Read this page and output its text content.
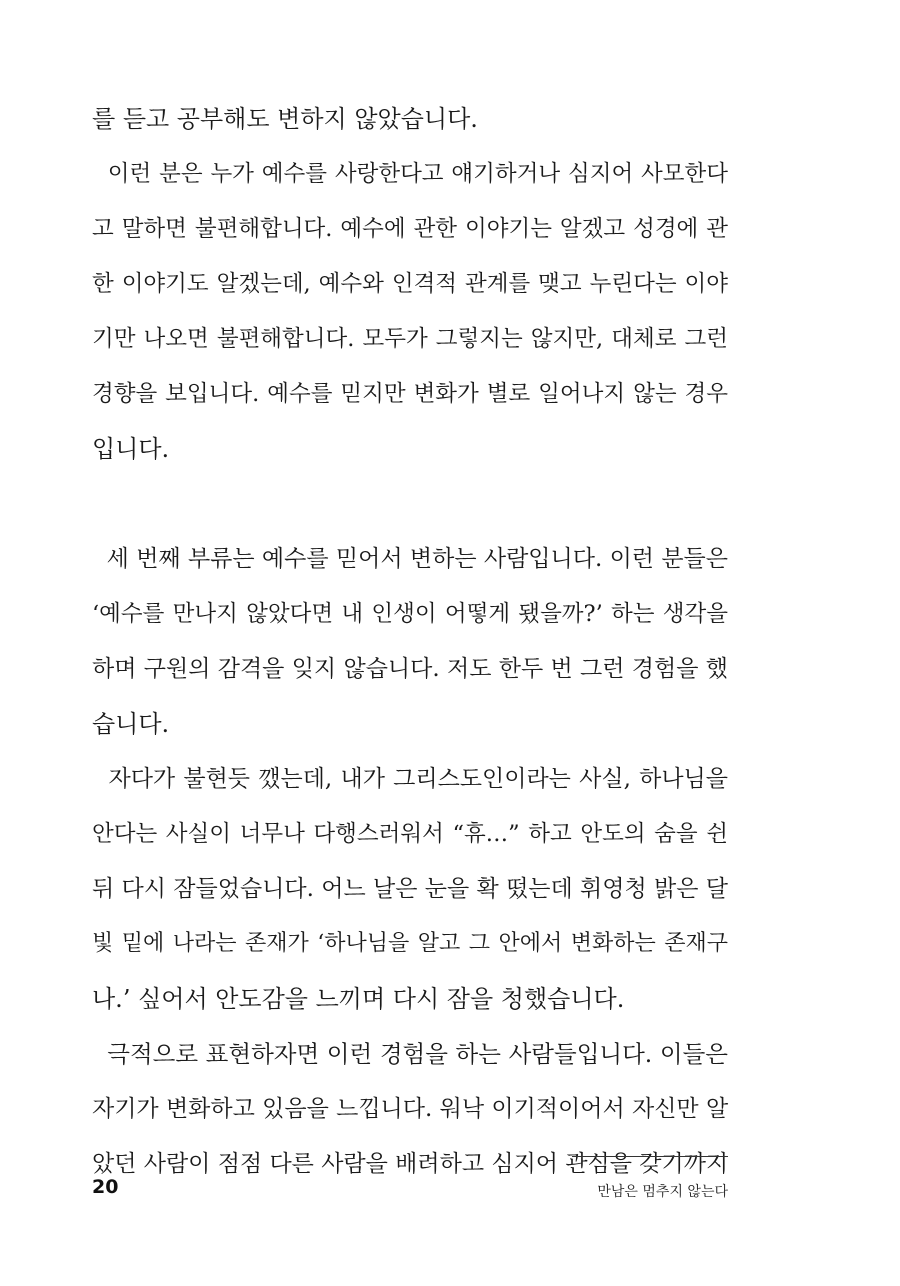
를 듣고 공부해도 변하지 않았습니다.
이런 분은 누가 예수를 사랑한다고 얘기하거나 심지어 사모한다
고 말하면 불편해합니다. 예수에 관한 이야기는 알겠고 성경에 관
한 이야기도 알겠는데, 예수와 인격적 관계를 맺고 누린다는 이야
기만 나오면 불편해합니다. 모두가 그렇지는 않지만, 대체로 그런
경향을 보입니다. 예수를 믿지만 변화가 별로 일어나지 않는 경우
입니다.
세 번째 부류는 예수를 믿어서 변하는 사람입니다. 이런 분들은
‘예수를 만나지 않았다면 내 인생이 어떻게 됐을까?’ 하는 생각을
하며 구원의 감격을 잊지 않습니다. 저도 한두 번 그런 경험을 했
습니다.
자다가 불현듯 깼는데, 내가 그리스도인이라는 사실, 하나님을
안다는 사실이 너무나 다행스러워서 “휴…” 하고 안도의 숨을 쉰
뒤 다시 잠들었습니다. 어느 날은 눈을 확 떴는데 휘영청 밝은 달
빛 밑에 나라는 존재가 ‘하나님을 알고 그 안에서 변화하는 존재구
나.’ 싶어서 안도감을 느끼며 다시 잠을 청했습니다.
극적으로 표현하자면 이런 경험을 하는 사람들입니다. 이들은
자기가 변화하고 있음을 느낍니다. 워낙 이기적이어서 자신만 알
았던 사람이 점점 다른 사람을 배려하고 심지어 관심을 갖기까지
20	만남은 멈추지 않는다
